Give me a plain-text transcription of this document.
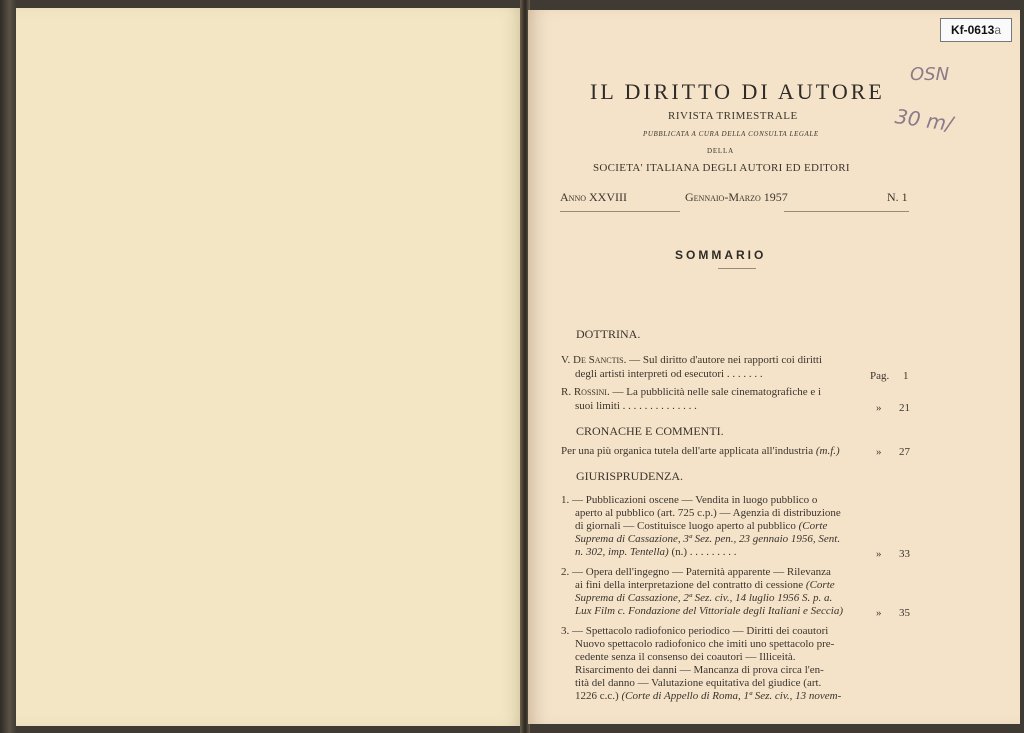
Kf-0613a
OSN
30 m/
IL DIRITTO DI AUTORE
RIVISTA TRIMESTRALE
PUBBLICATA A CURA DELLA CONSULTA LEGALE
DELLA
SOCIETA' ITALIANA DEGLI AUTORI ED EDITORI
Anno XXVIII	Gennaio-Marzo 1957	N. 1
SOMMARIO
DOTTRINA.
V. De Sanctis. — Sul diritto d'autore nei rapporti coi diritti
degli artisti interpreti od esecutori . . . . . . .	Pag. 1
R. Rossini. — La pubblicità nelle sale cinematografiche e i
suoi limiti . . . . . . . . . . . . . .	» 21
CRONACHE E COMMENTI.
Per una più organica tutela dell'arte applicata all'industria (m.f.)	» 27
GIURISPRUDENZA.
1. — Pubblicazioni oscene — Vendita in luogo pubblico o
aperto al pubblico (art. 725 c.p.) — Agenzia di distribuzione
di giornali — Costituisce luogo aperto al pubblico (Corte
Suprema di Cassazione, 3ª Sez. pen., 23 gennaio 1956, Sent.
n. 302, imp. Tentella) (n.) . . . . . . . . .	» 33
2. — Opera dell'ingegno — Paternità apparente — Rilevanza
ai fini della interpretazione del contratto di cessione (Corte
Suprema di Cassazione, 2ª Sez. civ., 14 luglio 1956 S. p. a.
Lux Film c. Fondazione del Vittoriale degli Italiani e Seccia)	» 35
3. — Spettacolo radiofonico periodico — Diritti dei coautori
Nuovo spettacolo radiofonico che imiti uno spettacolo pre-
cedente senza il consenso dei coautori — Illiceità.
Risarcimento dei danni — Mancanza di prova circa l'en-
tità del danno — Valutazione equitativa del giudice (art.
1226 c.c.) (Corte di Appello di Roma, 1ª Sez. civ., 13 novem-
